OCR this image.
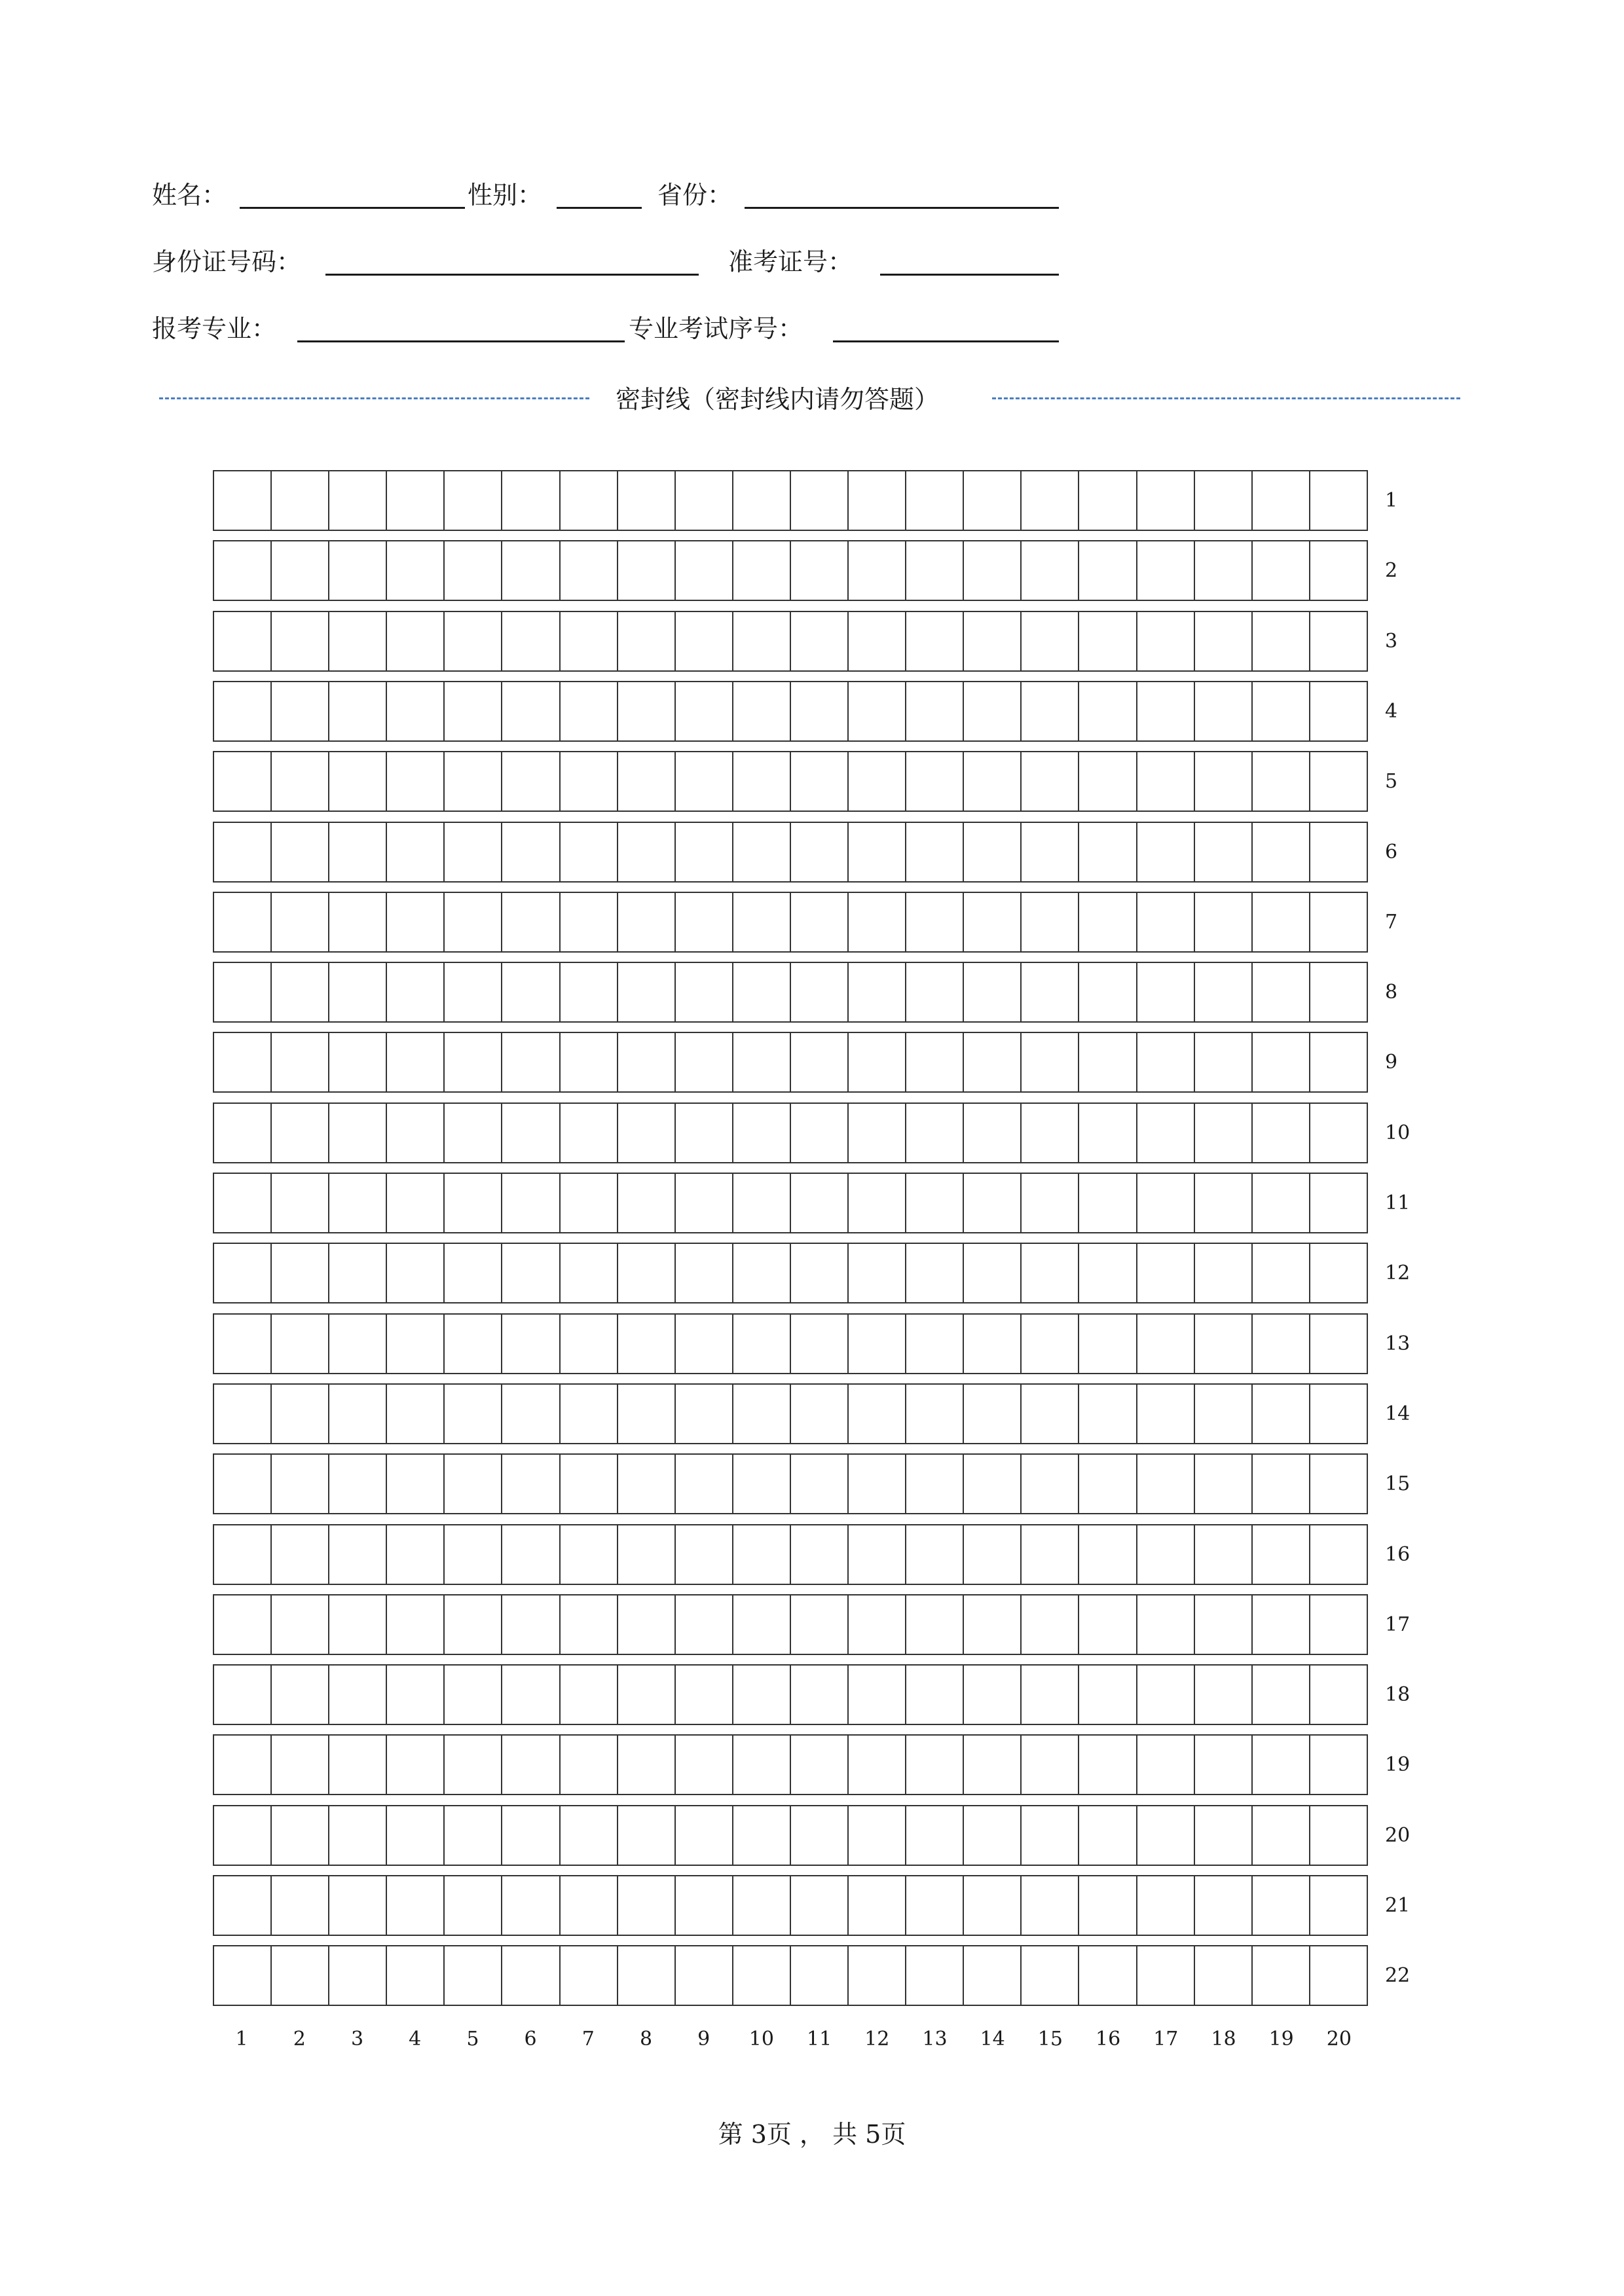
姓名：	性别：	省份：
身份证号码：	准考证号：
报考专业：	专业考试序号：
密封线（密封线内请勿答题）
1
2
3
4
5
6
7
8
9
10
11
12
13
14
15
16
17
18
19
20
21
22
1	2	3	4	5	6	7	8	9	10	11	12	13	14	15	16	17	18	19	20
第 3页 ， 共 5页
